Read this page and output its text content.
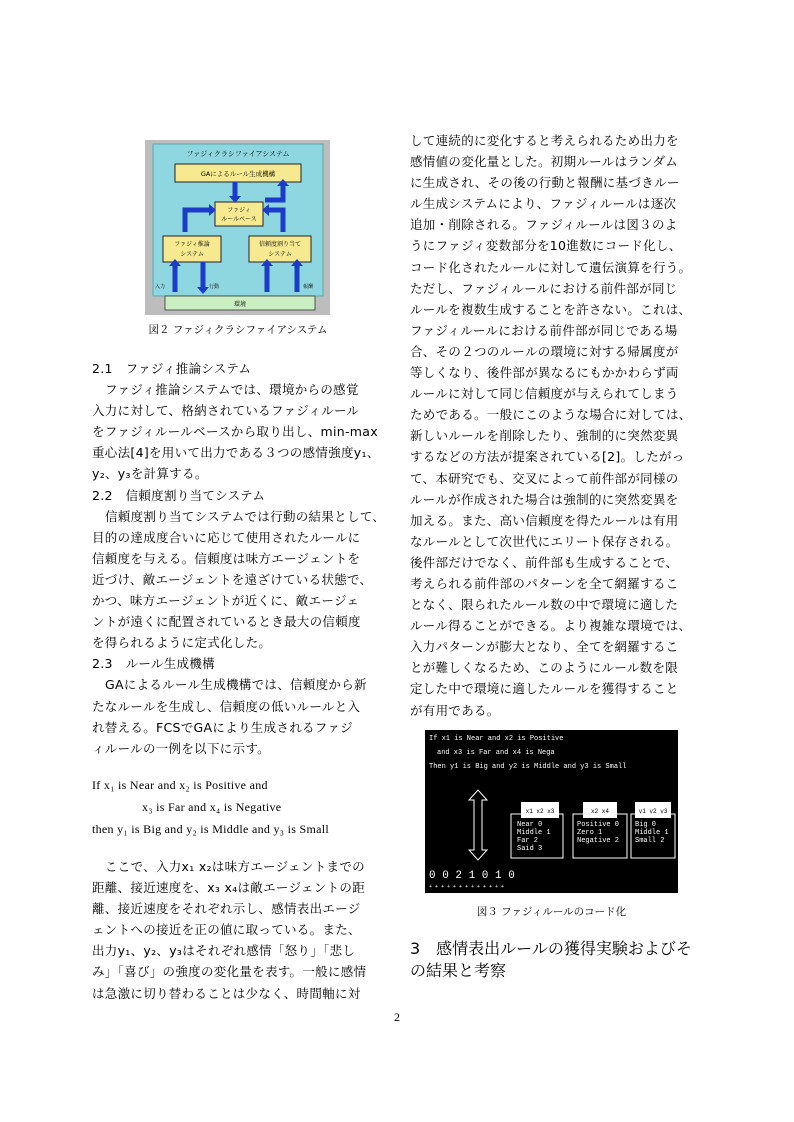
ファジィクラシファイアシステム
GAによるルール生成機構
ファジィ
ルールベース
ファジィ推論
システム
信頼度割り当て
システム
入力	行動	報酬
環境
図２ ファジィクラシファイアシステム

2.1　ファジィ推論システム

ファジィ推論システムでは、環境からの感覚

入力に対して、格納されているファジィルール

をファジィルールベースから取り出し、min-max

重心法[4]を用いて出力である３つの感情強度y₁、

y₂、y₃を計算する。

2.2　信頼度割り当てシステム

信頼度割り当てシステムでは行動の結果として、

目的の達成度合いに応じて使用されたルールに

信頼度を与える。信頼度は味方エージェントを

近づけ、敵エージェントを遠ざけている状態で、

かつ、味方エージェントが近くに、敵エージェ

ントが遠くに配置されているとき最大の信頼度

を得られるように定式化した。

2.3　ルール生成機構

GAによるルール生成機構では、信頼度から新

たなルールを生成し、信頼度の低いルールと入

れ替える。FCSでGAにより生成されるファジ

ィルールの一例を以下に示す。

If x₁ is Near and x₂ is Positive and

x₃ is Far and x₄ is Negative

then y₁ is Big and y₂ is Middle and y₃ is Small

ここで、入力x₁ x₂は味方エージェントまでの

距離、接近速度を、x₃ x₄は敵エージェントの距

離、接近速度をそれぞれ示し、感情表出エージ

ェントへの接近を正の値に取っている。また、

出力y₁、y₂、y₃はそれぞれ感情「怒り」「悲し

み」「喜び」の強度の変化量を表す。一般に感情

は急激に切り替わることは少なく、時間軸に対

して連続的に変化すると考えられるため出力を

感情値の変化量とした。初期ルールはランダム

に生成され、その後の行動と報酬に基づきルー

ル生成システムにより、ファジィルールは逐次

追加・削除される。ファジィルールは図３のよ

うにファジィ変数部分を10進数にコード化し、

コード化されたルールに対して遺伝演算を行う。

ただし、ファジィルールにおける前件部が同じ

ルールを複数生成することを許さない。これは、

ファジィルールにおける前件部が同じである場

合、その２つのルールの環境に対する帰属度が

等しくなり、後件部が異なるにもかかわらず両

ルールに対して同じ信頼度が与えられてしまう

ためである。一般にこのような場合に対しては、

新しいルールを削除したり、強制的に突然変異

するなどの方法が提案されている[2]。したがっ

て、本研究でも、交叉によって前件部が同様の

ルールが作成された場合は強制的に突然変異を

加える。また、高い信頼度を得たルールは有用

なルールとして次世代にエリート保存される。

後件部だけでなく、前件部も生成することで、

考えられる前件部のパターンを全て網羅するこ

となく、限られたルール数の中で環境に適した

ルール得ることができる。より複雑な環境では、

入力パターンが膨大となり、全てを網羅するこ

とが難しくなるため、このようにルール数を限

定した中で環境に適したルールを獲得すること

が有用である。

If x1 is Near and x2 is Positive
and x3 is Far and x4 is Nega
Then y1 is Big and y2 is Middle and y3 is Small
x1 x2 x3
Near 0
Middle 1
Far 2
Said 3
x2 x4
Positive 0
Zero 1
Negative 2
y1 y2 y3
Big 0
Middle 1
Small 2
0 0 2 1 0 1 0
+ + + + + + + + + + + + +
図３ ファジィルールのコード化
3　感情表出ルールの獲得実験およびそ
の結果と考察
2
